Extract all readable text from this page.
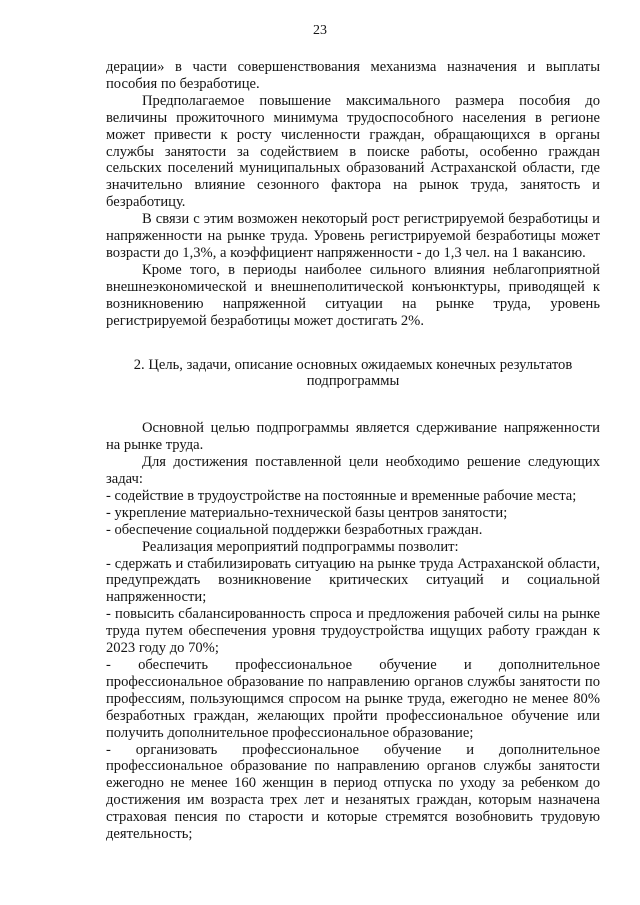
23

дерации» в части совершенствования механизма назначения и выплаты пособия по безработице.

Предполагаемое повышение максимального размера пособия до величины прожиточного минимума трудоспособного населения в регионе может привести к росту численности граждан, обращающихся в органы службы занятости за содействием в поиске работы, особенно граждан сельских поселений муниципальных образований Астраханской области, где значительно влияние сезонного фактора на рынок труда, занятость и безработицу.

В связи с этим возможен некоторый рост регистрируемой безработицы и напряженности на рынке труда. Уровень регистрируемой безработицы может возрасти до 1,3%, а коэффициент напряженности - до 1,3 чел. на 1 вакансию.

Кроме того, в периоды наиболее сильного влияния неблагоприятной внешнеэкономической и внешнеполитической конъюнктуры, приводящей к возникновению напряженной ситуации на рынке труда, уровень регистрируемой безработицы может достигать 2%.

2. Цель, задачи, описание основных ожидаемых конечных результатов
подпрограммы

Основной целью подпрограммы является сдерживание напряженности на рынке труда.

Для достижения поставленной цели необходимо решение следующих задач:

- содействие в трудоустройстве на постоянные и временные рабочие места;

- укрепление материально-технической базы центров занятости;

- обеспечение социальной поддержки безработных граждан.

Реализация мероприятий подпрограммы позволит:

- сдержать и стабилизировать ситуацию на рынке труда Астраханской области, предупреждать возникновение критических ситуаций и социальной напряженности;

- повысить сбалансированность спроса и предложения рабочей силы на рынке труда путем обеспечения уровня трудоустройства ищущих работу граждан к 2023 году до 70%;

- обеспечить профессиональное обучение и дополнительное профессиональное образование по направлению органов службы занятости по профессиям, пользующимся спросом на рынке труда, ежегодно не менее 80% безработных граждан, желающих пройти профессиональное обучение или получить дополнительное профессиональное образование;

- организовать профессиональное обучение и дополнительное профессиональное образование по направлению органов службы занятости ежегодно не менее 160 женщин в период отпуска по уходу за ребенком до достижения им возраста трех лет и незанятых граждан, которым назначена страховая пенсия по старости и которые стремятся возобновить трудовую деятельность;
